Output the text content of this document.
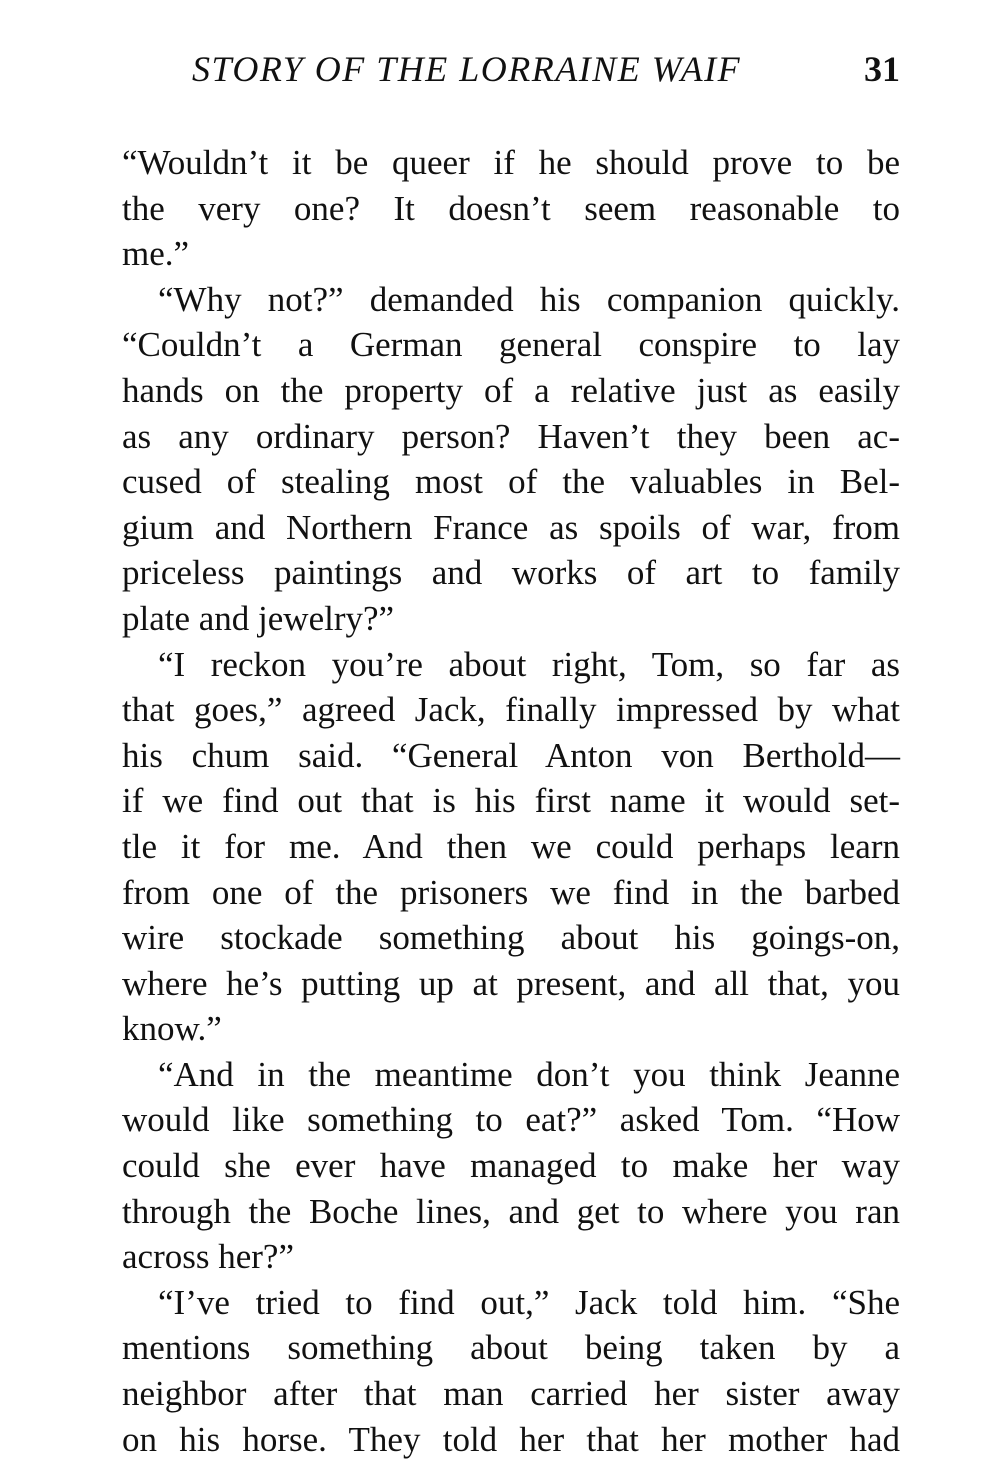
STORY OF THE LORRAINE WAIF	31
“Wouldn’t it be queer if he should prove to be
the very one? It doesn’t seem reasonable to
me.”
“Why not?” demanded his companion quickly.
“Couldn’t a German general conspire to lay
hands on the property of a relative just as easily
as any ordinary person? Haven’t they been ac-
cused of stealing most of the valuables in Bel-
gium and Northern France as spoils of war, from
priceless paintings and works of art to family
plate and jewelry?”
“I reckon you’re about right, Tom, so far as
that goes,” agreed Jack, finally impressed by what
his chum said. “General Anton von Berthold—
if we find out that is his first name it would set-
tle it for me. And then we could perhaps learn
from one of the prisoners we find in the barbed
wire stockade something about his goings-on,
where he’s putting up at present, and all that, you
know.”
“And in the meantime don’t you think Jeanne
would like something to eat?” asked Tom. “How
could she ever have managed to make her way
through the Boche lines, and get to where you ran
across her?”
“I’ve tried to find out,” Jack told him. “She
mentions something about being taken by a
neighbor after that man carried her sister away
on his horse. They told her that her mother had
